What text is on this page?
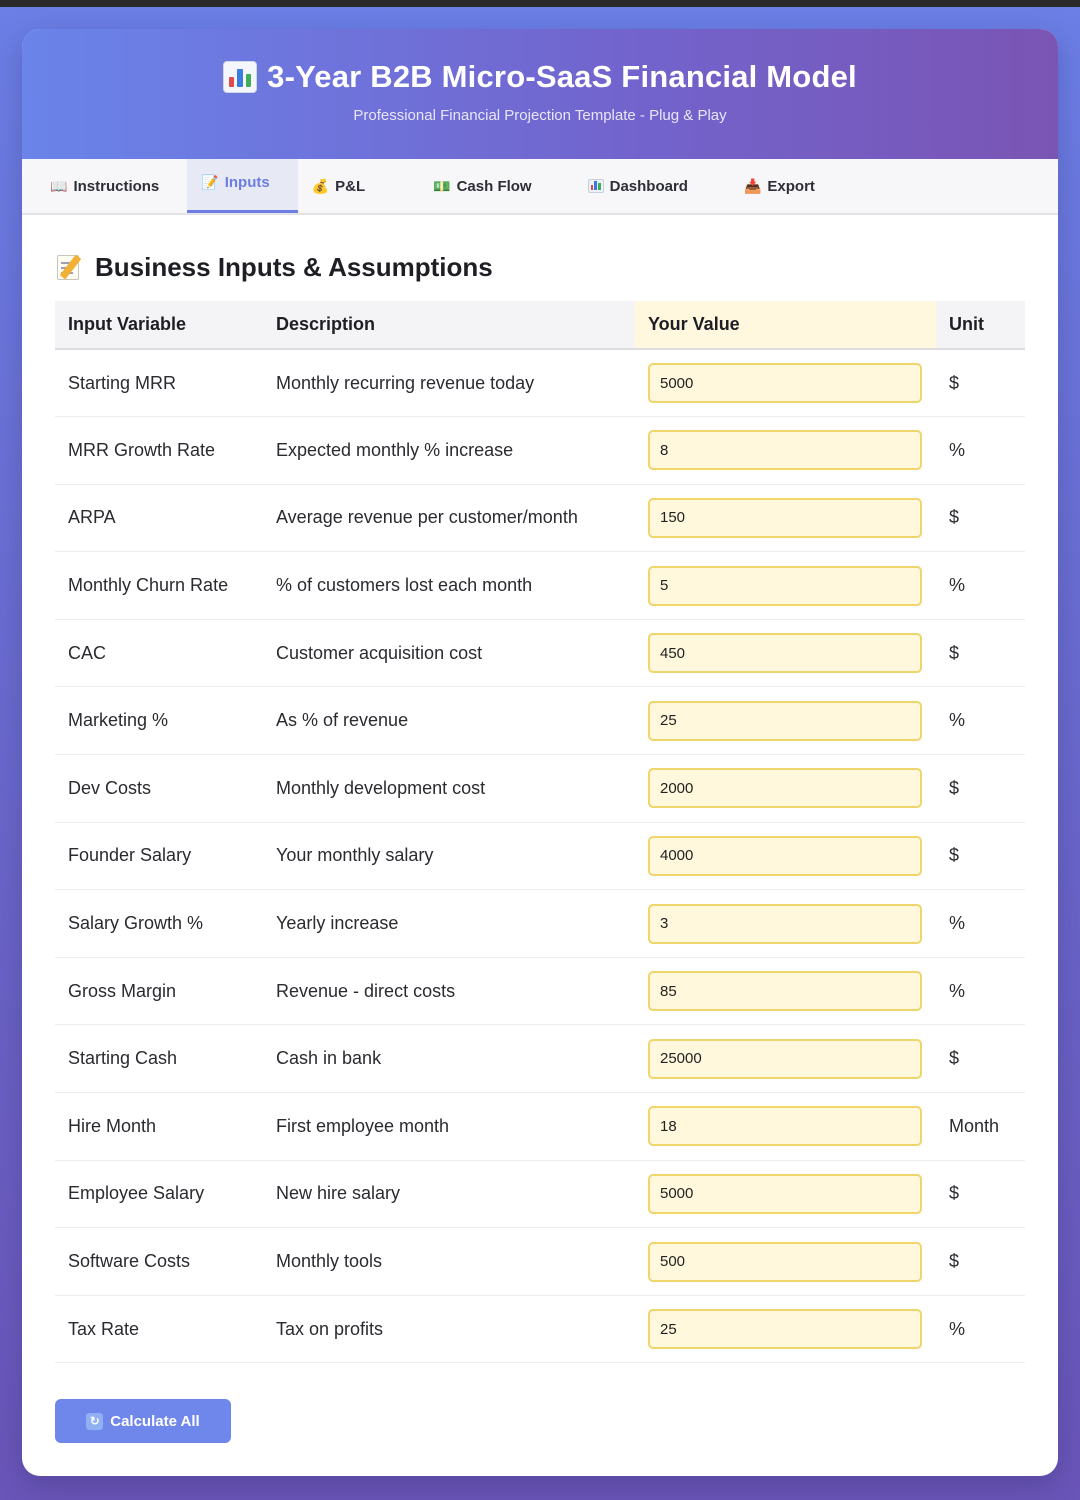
3-Year B2B Micro-SaaS Financial Model
Professional Financial Projection Template - Plug & Play
📖 Instructions	📝 Inputs	💰 P&L	💵 Cash Flow	Dashboard	📥 Export
Business Inputs & Assumptions
Input Variable	Description	Your Value	Unit
Starting MRR	Monthly recurring revenue today	5000	$
MRR Growth Rate	Expected monthly % increase	8	%
ARPA	Average revenue per customer/month	150	$
Monthly Churn Rate	% of customers lost each month	5	%
CAC	Customer acquisition cost	450	$
Marketing %	As % of revenue	25	%
Dev Costs	Monthly development cost	2000	$
Founder Salary	Your monthly salary	4000	$
Salary Growth %	Yearly increase	3	%
Gross Margin	Revenue - direct costs	85	%
Starting Cash	Cash in bank	25000	$
Hire Month	First employee month	18	Month
Employee Salary	New hire salary	5000	$
Software Costs	Monthly tools	500	$
Tax Rate	Tax on profits	25	%
↻ Calculate All
